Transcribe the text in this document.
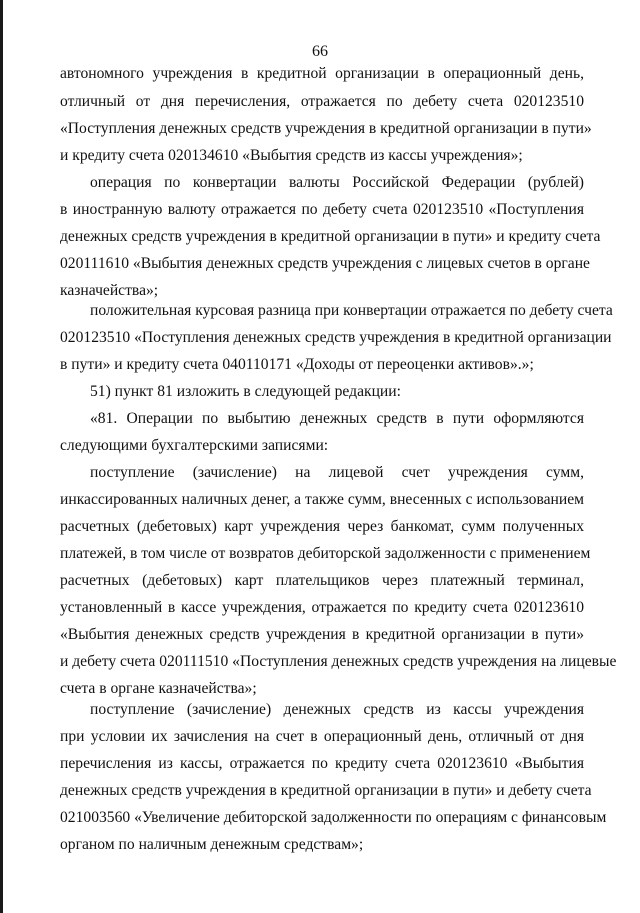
66
автономного учреждения в кредитной организации в операционный день,
отличный от дня перечисления, отражается по дебету счета 020123510
«Поступления денежных средств учреждения в кредитной организации в пути»
и кредиту счета 020134610 «Выбытия средств из кассы учреждения»;
операция по конвертации валюты Российской Федерации (рублей)
в иностранную валюту отражается по дебету счета 020123510 «Поступления
денежных средств учреждения в кредитной организации в пути» и кредиту счета
020111610 «Выбытия денежных средств учреждения с лицевых счетов в органе
казначейства»;
положительная курсовая разница при конвертации отражается по дебету счета
020123510 «Поступления денежных средств учреждения в кредитной организации
в пути» и кредиту счета 040110171 «Доходы от переоценки активов».»;
51) пункт 81 изложить в следующей редакции:
«81. Операции по выбытию денежных средств в пути оформляются
следующими бухгалтерскими записями:
поступление (зачисление) на лицевой счет учреждения сумм,
инкассированных наличных денег, а также сумм, внесенных с использованием
расчетных (дебетовых) карт учреждения через банкомат, сумм полученных
платежей, в том числе от возвратов дебиторской задолженности с применением
расчетных (дебетовых) карт плательщиков через платежный терминал,
установленный в кассе учреждения, отражается по кредиту счета 020123610
«Выбытия денежных средств учреждения в кредитной организации в пути»
и дебету счета 020111510 «Поступления денежных средств учреждения на лицевые
счета в органе казначейства»;
поступление (зачисление) денежных средств из кассы учреждения
при условии их зачисления на счет в операционный день, отличный от дня
перечисления из кассы, отражается по кредиту счета 020123610 «Выбытия
денежных средств учреждения в кредитной организации в пути» и дебету счета
021003560 «Увеличение дебиторской задолженности по операциям с финансовым
органом по наличным денежным средствам»;
